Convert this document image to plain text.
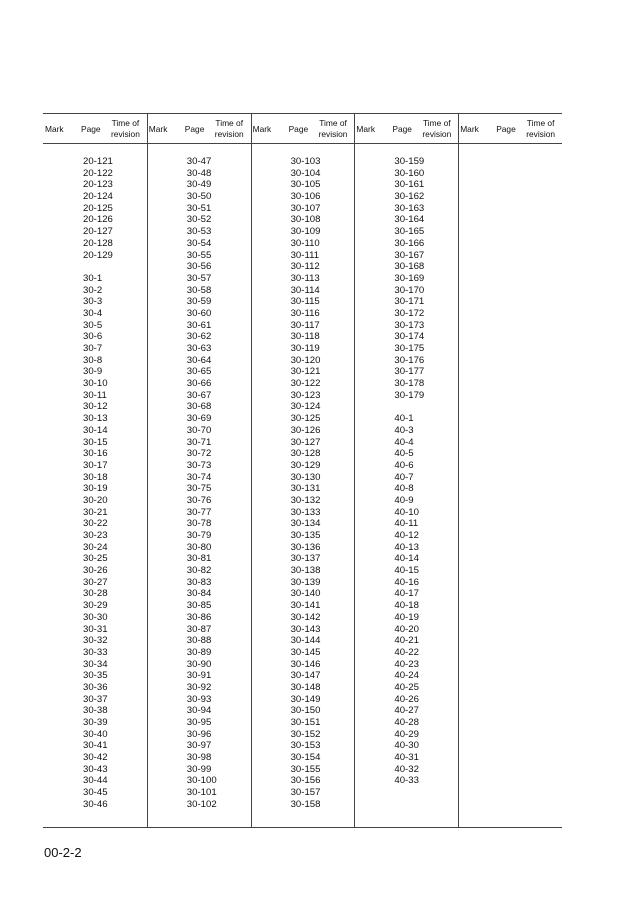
Mark Page
Time of
revision
20-121
20-122
20-123
20-124
20-125
20-126
20-127
20-128
20-129
30-1
30-2
30-3
30-4
30-5
30-6
30-7
30-8
30-9
30-10
30-11
30-12
30-13
30-14
30-15
30-16
30-17
30-18
30-19
30-20
30-21
30-22
30-23
30-24
30-25
30-26
30-27
30-28
30-29
30-30
30-31
30-32
30-33
30-34
30-35
30-36
30-37
30-38
30-39
30-40
30-41
30-42
30-43
30-44
30-45
30-46
Mark Page
Time of
revision
30-47
30-48
30-49
30-50
30-51
30-52
30-53
30-54
30-55
30-56
30-57
30-58
30-59
30-60
30-61
30-62
30-63
30-64
30-65
30-66
30-67
30-68
30-69
30-70
30-71
30-72
30-73
30-74
30-75
30-76
30-77
30-78
30-79
30-80
30-81
30-82
30-83
30-84
30-85
30-86
30-87
30-88
30-89
30-90
30-91
30-92
30-93
30-94
30-95
30-96
30-97
30-98
30-99
30-100
30-101
30-102
Mark Page
Time of
revision
30-103
30-104
30-105
30-106
30-107
30-108
30-109
30-110
30-111
30-112
30-113
30-114
30-115
30-116
30-117
30-118
30-119
30-120
30-121
30-122
30-123
30-124
30-125
30-126
30-127
30-128
30-129
30-130
30-131
30-132
30-133
30-134
30-135
30-136
30-137
30-138
30-139
30-140
30-141
30-142
30-143
30-144
30-145
30-146
30-147
30-148
30-149
30-150
30-151
30-152
30-153
30-154
30-155
30-156
30-157
30-158
Mark Page
Time of
revision
30-159
30-160
30-161
30-162
30-163
30-164
30-165
30-166
30-167
30-168
30-169
30-170
30-171
30-172
30-173
30-174
30-175
30-176
30-177
30-178
30-179
40-1
40-3
40-4
40-5
40-6
40-7
40-8
40-9
40-10
40-11
40-12
40-13
40-14
40-15
40-16
40-17
40-18
40-19
40-20
40-21
40-22
40-23
40-24
40-25
40-26
40-27
40-28
40-29
40-30
40-31
40-32
40-33
Mark Page
Time of
revision
00-2-2
